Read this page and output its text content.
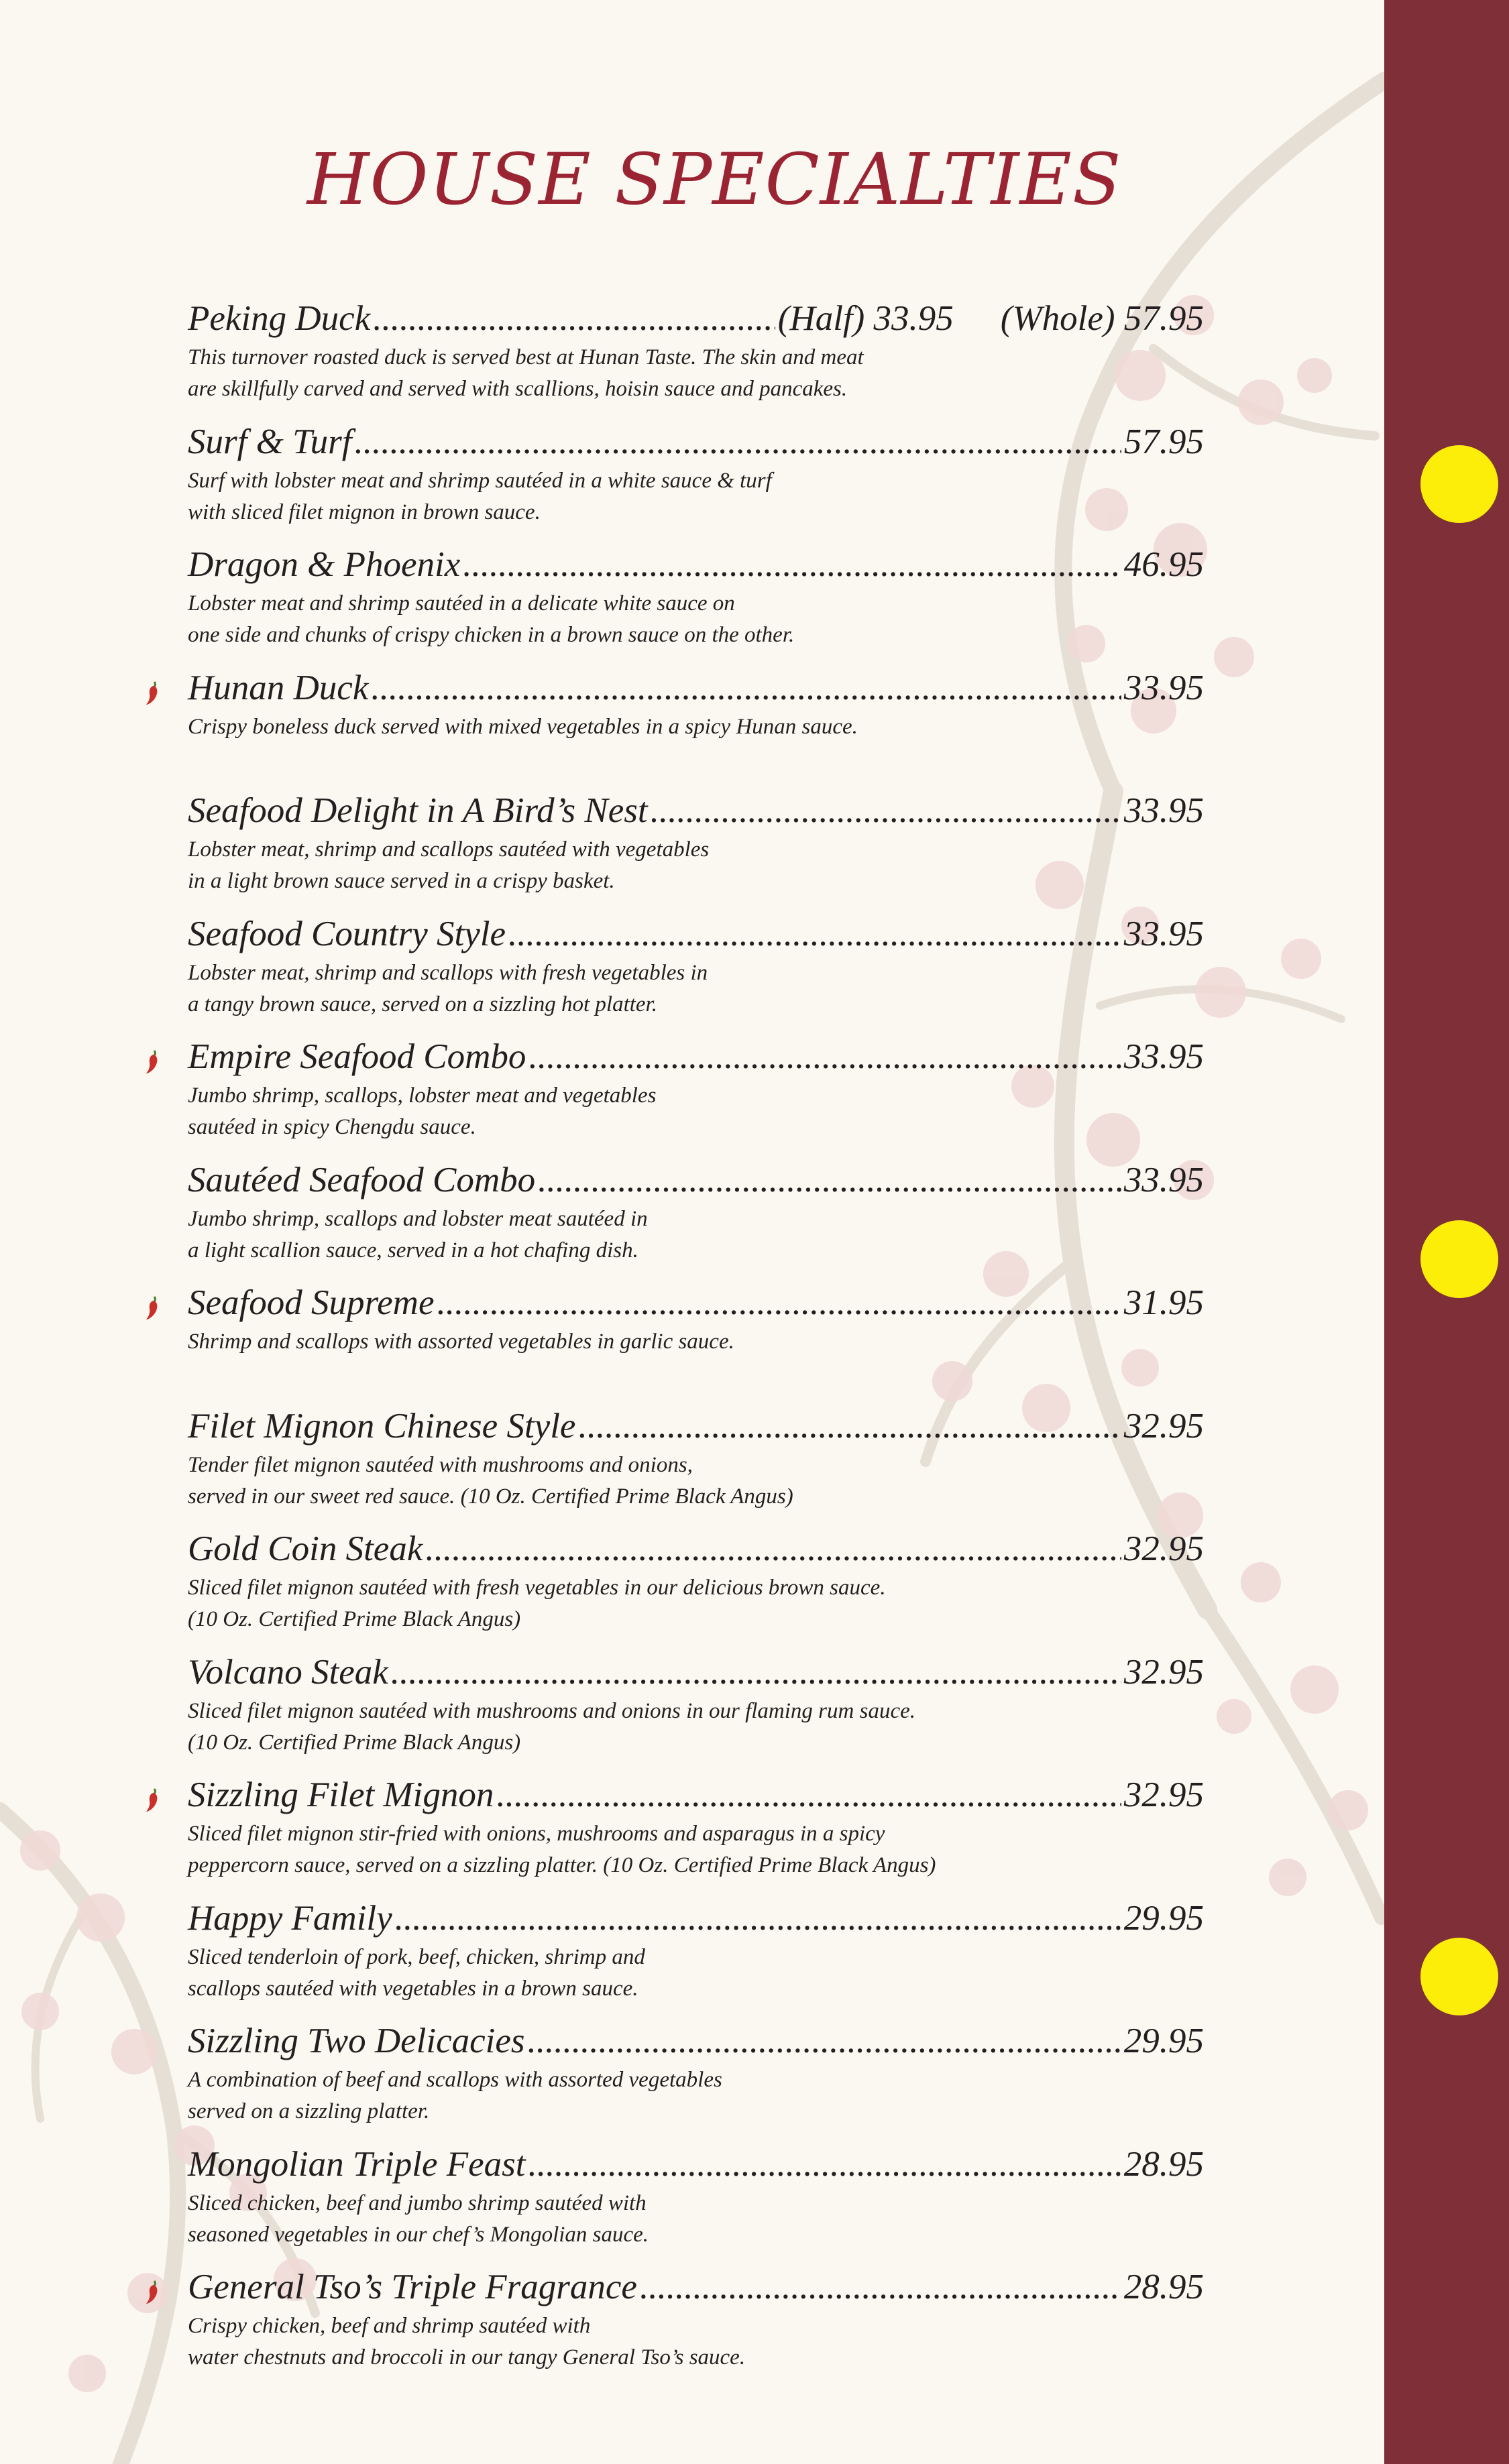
HOUSE SPECIALTIES
Peking Duck .....	(Half) 33.95 (Whole) 57.95
This turnover roasted duck is served best at Hunan Taste. The skin and meat
are skillfully carved and served with scallions, hoisin sauce and pancakes.
Surf & Turf .....	57.95
Surf with lobster meat and shrimp sautéed in a white sauce & turf
with sliced filet mignon in brown sauce.
Dragon & Phoenix .....	46.95
Lobster meat and shrimp sautéed in a delicate white sauce on
one side and chunks of crispy chicken in a brown sauce on the other.
Hunan Duck .....	33.95
Crispy boneless duck served with mixed vegetables in a spicy Hunan sauce.
Seafood Delight in A Bird’s Nest .....	33.95
Lobster meat, shrimp and scallops sautéed with vegetables
in a light brown sauce served in a crispy basket.
Seafood Country Style .....	33.95
Lobster meat, shrimp and scallops with fresh vegetables in
a tangy brown sauce, served on a sizzling hot platter.
Empire Seafood Combo .....	33.95
Jumbo shrimp, scallops, lobster meat and vegetables
sautéed in spicy Chengdu sauce.
Sautéed Seafood Combo .....	33.95
Jumbo shrimp, scallops and lobster meat sautéed in
a light scallion sauce, served in a hot chafing dish.
Seafood Supreme .....	31.95
Shrimp and scallops with assorted vegetables in garlic sauce.
Filet Mignon Chinese Style .....	32.95
Tender filet mignon sautéed with mushrooms and onions,
served in our sweet red sauce. (10 Oz. Certified Prime Black Angus)
Gold Coin Steak .....	32.95
Sliced filet mignon sautéed with fresh vegetables in our delicious brown sauce.
(10 Oz. Certified Prime Black Angus)
Volcano Steak .....	32.95
Sliced filet mignon sautéed with mushrooms and onions in our flaming rum sauce.
(10 Oz. Certified Prime Black Angus)
Sizzling Filet Mignon .....	32.95
Sliced filet mignon stir-fried with onions, mushrooms and asparagus in a spicy
peppercorn sauce, served on a sizzling platter. (10 Oz. Certified Prime Black Angus)
Happy Family .....	29.95
Sliced tenderloin of pork, beef, chicken, shrimp and
scallops sautéed with vegetables in a brown sauce.
Sizzling Two Delicacies .....	29.95
A combination of beef and scallops with assorted vegetables
served on a sizzling platter.
Mongolian Triple Feast .....	28.95
Sliced chicken, beef and jumbo shrimp sautéed with
seasoned vegetables in our chef’s Mongolian sauce.
General Tso’s Triple Fragrance .....	28.95
Crispy chicken, beef and shrimp sautéed with
water chestnuts and broccoli in our tangy General Tso’s sauce.
